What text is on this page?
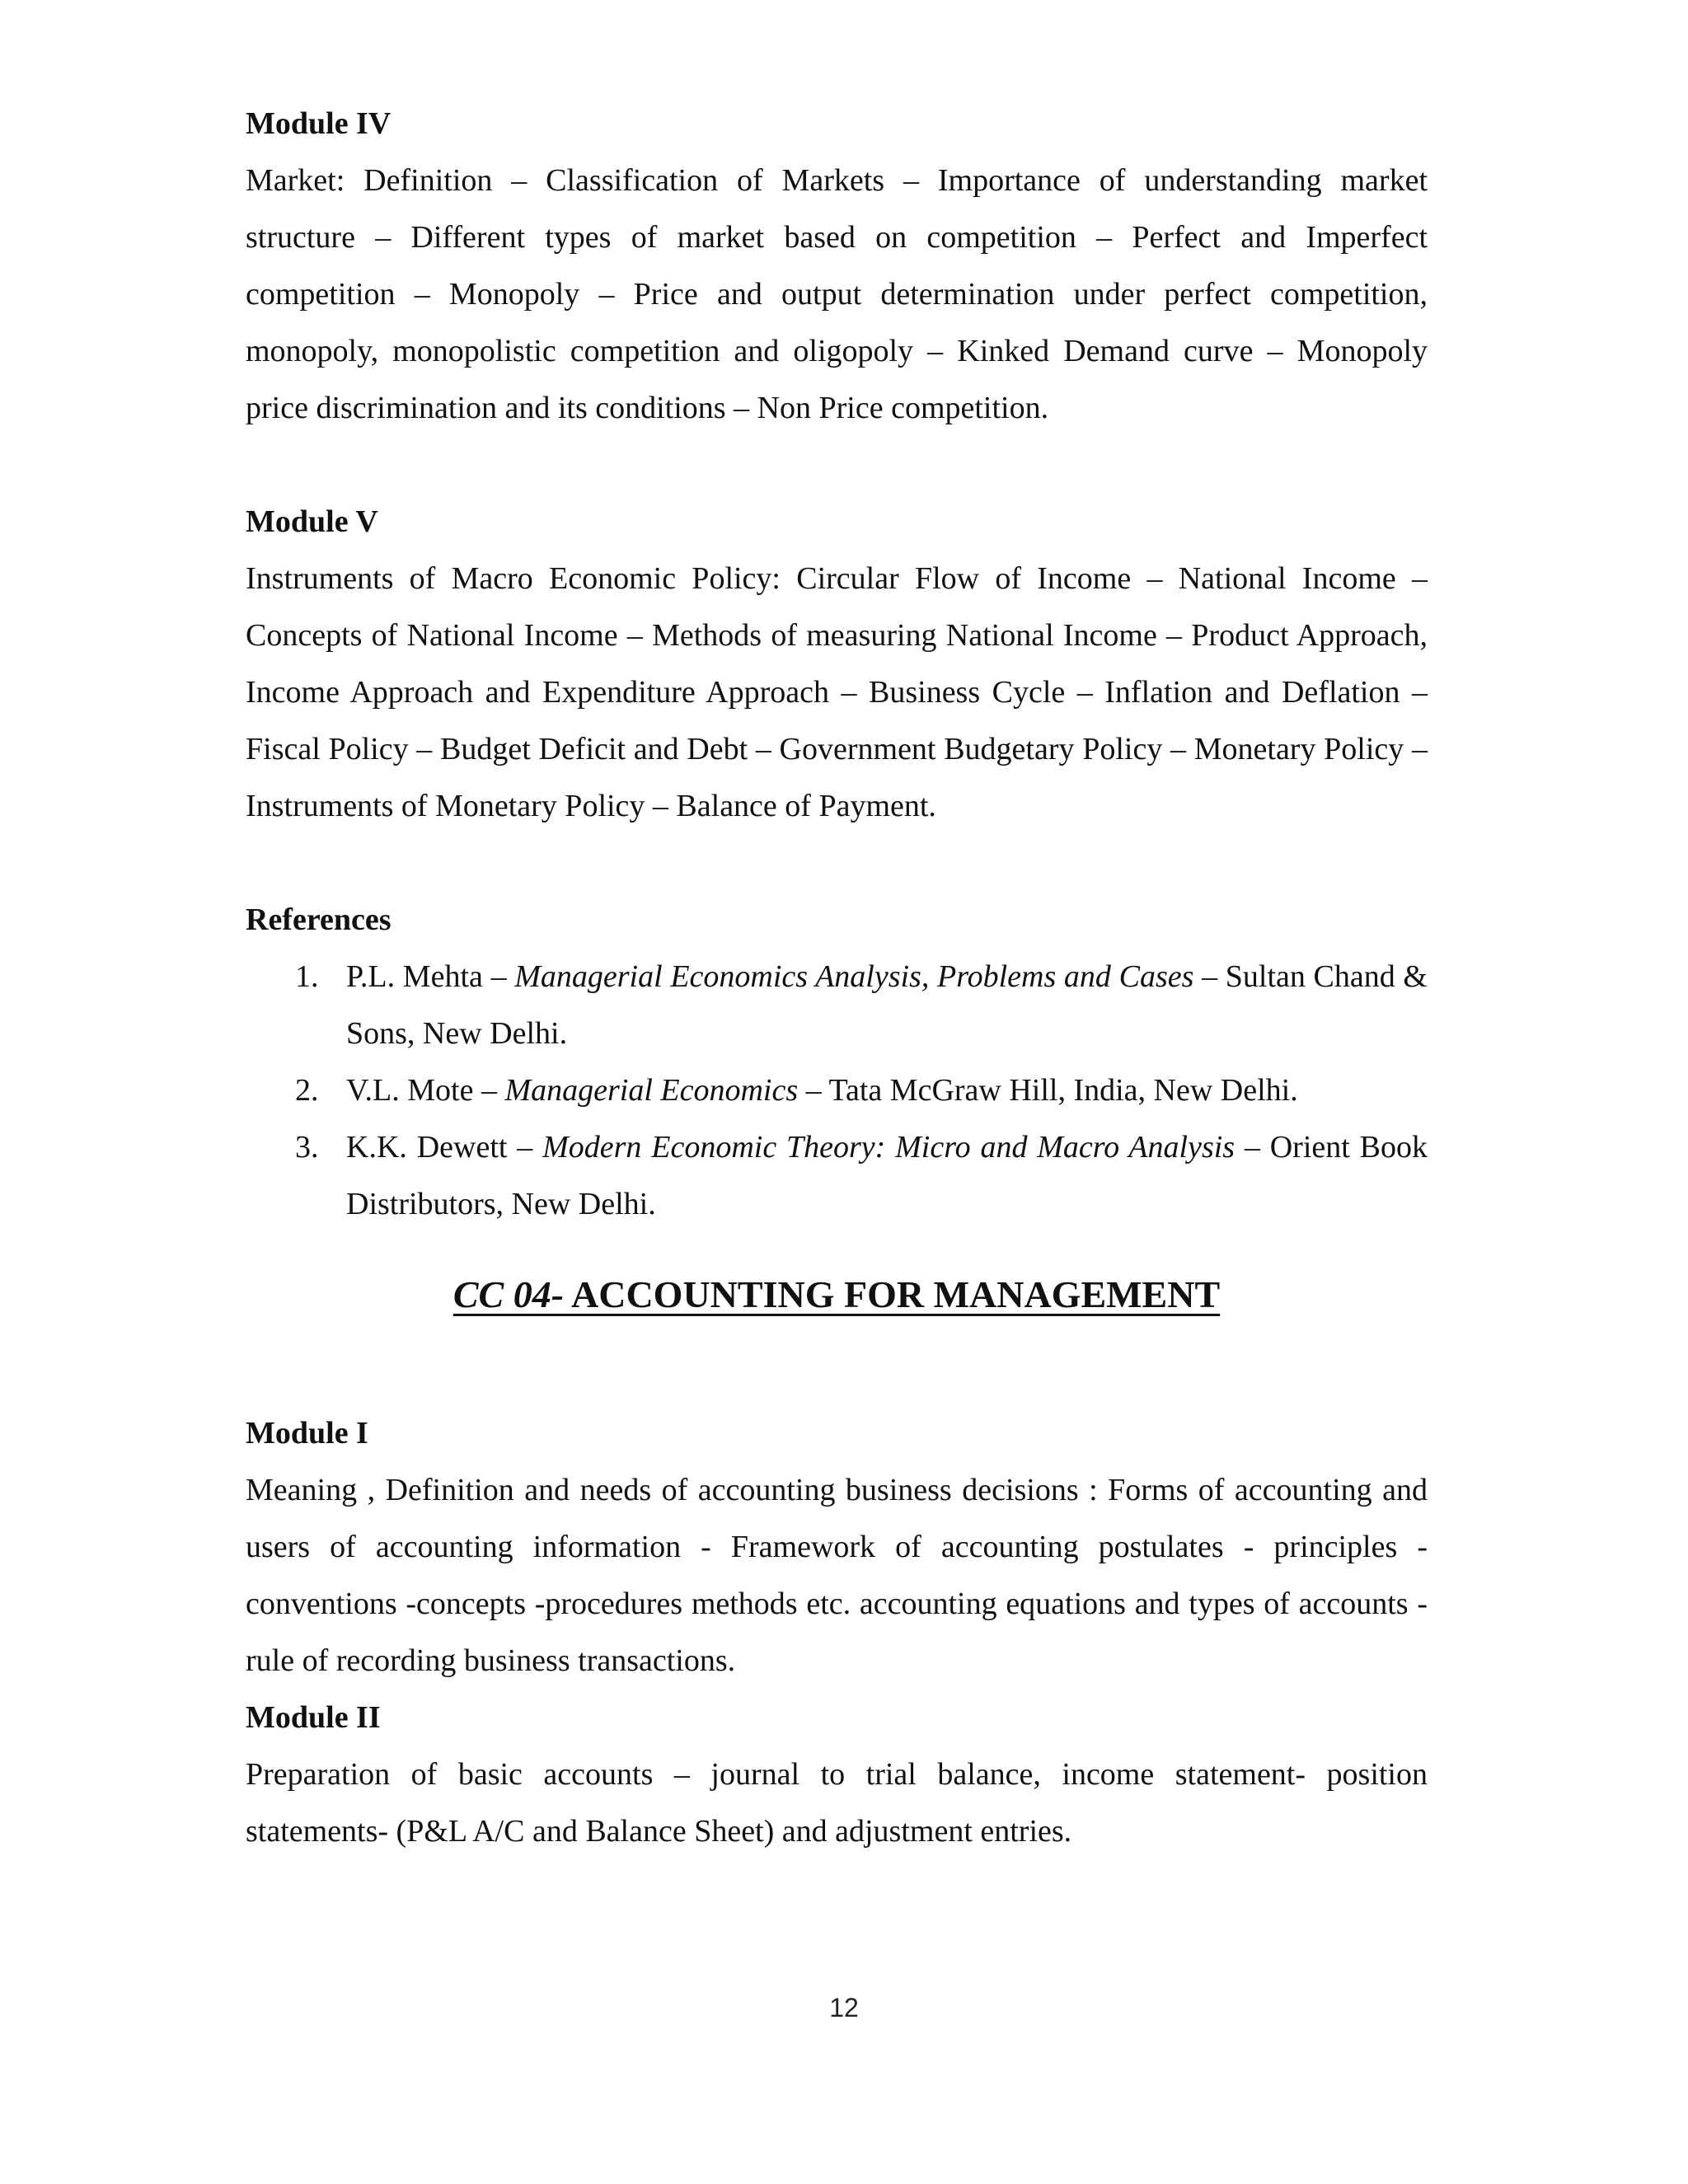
Module IV

Market: Definition – Classification of Markets – Importance of understanding market structure – Different types of market based on competition – Perfect and Imperfect competition – Monopoly – Price and output determination under perfect competition, monopoly, monopolistic competition and oligopoly – Kinked Demand curve – Monopoly price discrimination and its conditions – Non Price competition.

Module V

Instruments of Macro Economic Policy: Circular Flow of Income – National Income – Concepts of National Income – Methods of measuring National Income – Product Approach, Income Approach and Expenditure Approach – Business Cycle – Inflation and Deflation – Fiscal Policy – Budget Deficit and Debt – Government Budgetary Policy – Monetary Policy – Instruments of Monetary Policy – Balance of Payment.

References
1. P.L. Mehta – Managerial Economics Analysis, Problems and Cases – Sultan Chand & Sons, New Delhi.
2. V.L. Mote – Managerial Economics – Tata McGraw Hill, India, New Delhi.
3. K.K. Dewett – Modern Economic Theory: Micro and Macro Analysis – Orient Book Distributors, New Delhi.
CC 04- ACCOUNTING FOR MANAGEMENT
Module I

Meaning , Definition and needs of accounting business decisions : Forms of accounting and users of accounting information - Framework of accounting postulates - principles - conventions -concepts -procedures methods etc. accounting equations and types of accounts -rule of recording business transactions.

Module II

Preparation of basic accounts – journal to trial balance, income statement- position statements- (P&L A/C and Balance Sheet) and adjustment entries.

12
